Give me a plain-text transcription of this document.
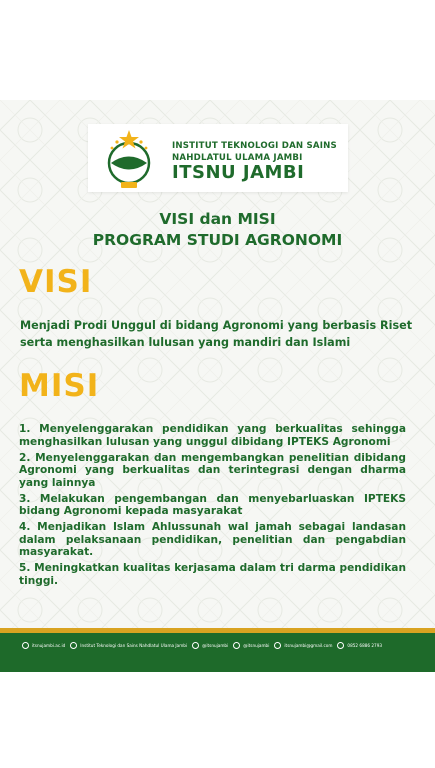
INSTITUT TEKNOLOGI DAN SAINS
NAHDLATUL ULAMA JAMBI
ITSNU JAMBI
VISI dan MISI
PROGRAM STUDI AGRONOMI
VISI
Menjadi Prodi Unggul di bidang Agronomi yang berbasis Riset serta menghasilkan lulusan yang mandiri dan Islami
MISI
1. Menyelenggarakan pendidikan yang berkualitas sehingga menghasilkan lulusan yang unggul dibidang IPTEKS Agronomi
2. Menyelenggarakan dan mengembangkan penelitian dibidang Agronomi yang berkualitas dan terintegrasi dengan dharma yang lainnya
3. Melakukan pengembangan dan menyebarluaskan IPTEKS bidang Agronomi kepada masyarakat
4. Menjadikan Islam Ahlussunah wal jamah sebagai landasan dalam pelaksanaan pendidikan, penelitian dan pengabdian masyarakat.
5. Meningkatkan kualitas kerjasama dalam tri darma pendidikan tinggi.
itsnujambi.ac.id	Institut Teknologi dan Sains Nahdlatul Ulama Jambi	@itsnujambi	@itsnujambi	itsnujambi@gmail.com	0852 6886 2793
